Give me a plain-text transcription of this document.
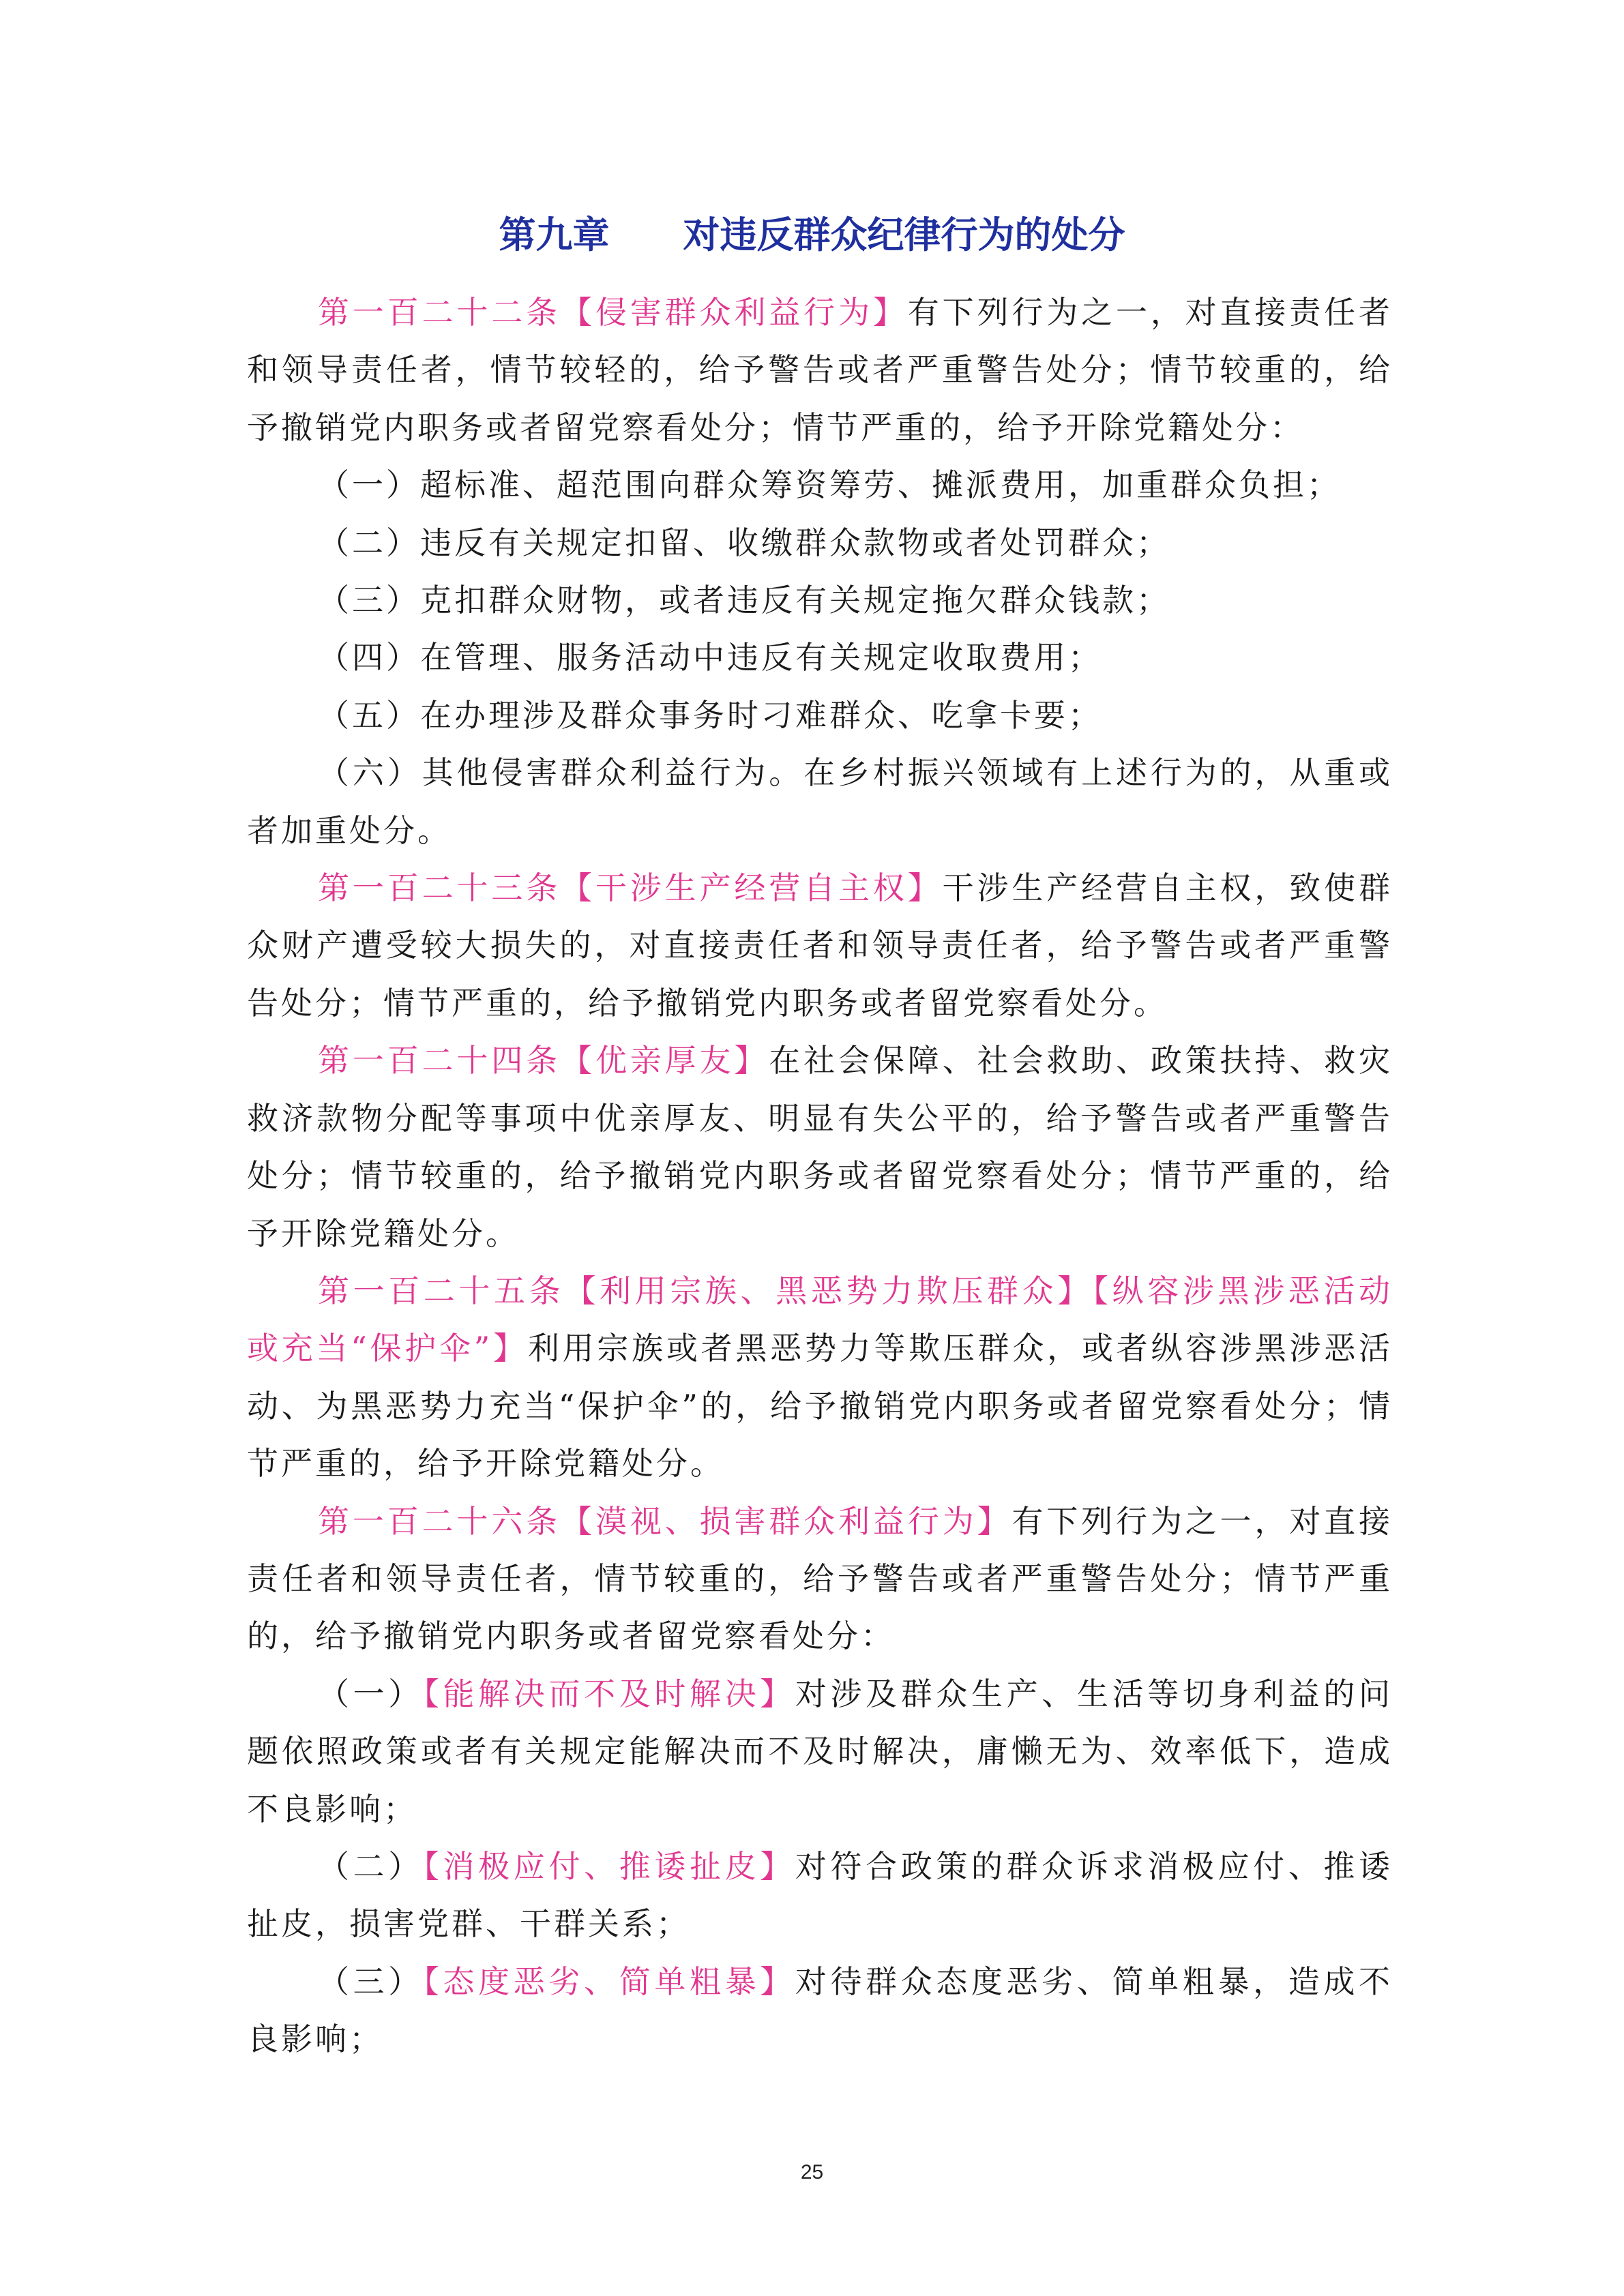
第九章　　对违反群众纪律行为的处分

第一百二十二条【侵害群众利益行为】有下列行为之一，对直接责任者和领导责任者，情节较轻的，给予警告或者严重警告处分；情节较重的，给予撤销党内职务或者留党察看处分；情节严重的，给予开除党籍处分：

（一）超标准、超范围向群众筹资筹劳、摊派费用，加重群众负担；

（二）违反有关规定扣留、收缴群众款物或者处罚群众；

（三）克扣群众财物，或者违反有关规定拖欠群众钱款；

（四）在管理、服务活动中违反有关规定收取费用；

（五）在办理涉及群众事务时刁难群众、吃拿卡要；

（六）其他侵害群众利益行为。在乡村振兴领域有上述行为的，从重或者加重处分。

第一百二十三条【干涉生产经营自主权】干涉生产经营自主权，致使群众财产遭受较大损失的，对直接责任者和领导责任者，给予警告或者严重警告处分；情节严重的，给予撤销党内职务或者留党察看处分。

第一百二十四条【优亲厚友】在社会保障、社会救助、政策扶持、救灾救济款物分配等事项中优亲厚友、明显有失公平的，给予警告或者严重警告处分；情节较重的，给予撤销党内职务或者留党察看处分；情节严重的，给予开除党籍处分。

第一百二十五条【利用宗族、黑恶势力欺压群众】【纵容涉黑涉恶活动或充当“保护伞”】利用宗族或者黑恶势力等欺压群众，或者纵容涉黑涉恶活动、为黑恶势力充当“保护伞”的，给予撤销党内职务或者留党察看处分；情节严重的，给予开除党籍处分。

第一百二十六条【漠视、损害群众利益行为】有下列行为之一，对直接责任者和领导责任者，情节较重的，给予警告或者严重警告处分；情节严重的，给予撤销党内职务或者留党察看处分：

（一）【能解决而不及时解决】对涉及群众生产、生活等切身利益的问题依照政策或者有关规定能解决而不及时解决，庸懒无为、效率低下，造成不良影响；

（二）【消极应付、推诿扯皮】对符合政策的群众诉求消极应付、推诿扯皮，损害党群、干群关系；

（三）【态度恶劣、简单粗暴】对待群众态度恶劣、简单粗暴，造成不良影响；

25
